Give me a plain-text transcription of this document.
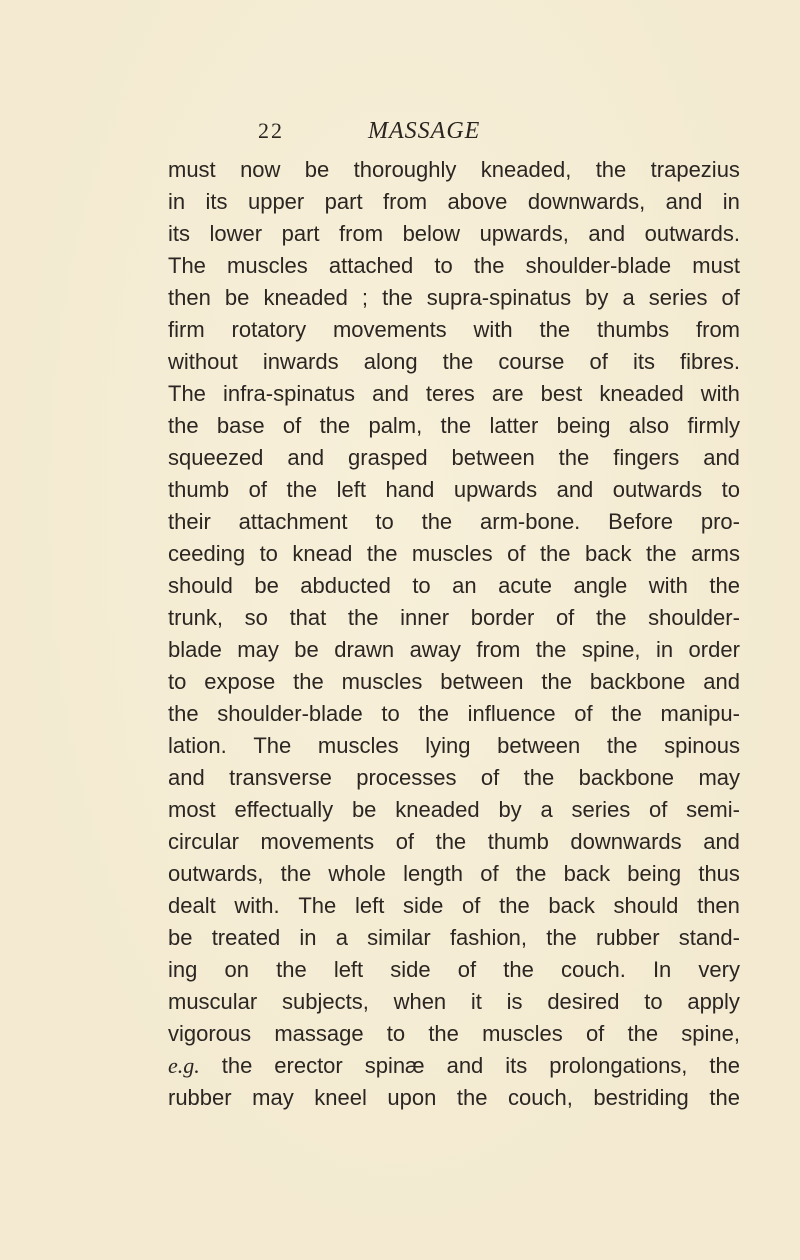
22	MASSAGE
must now be thoroughly kneaded, the trapezius
in its upper part from above downwards, and in
its lower part from below upwards, and outwards.
The muscles attached to the shoulder-blade must
then be kneaded ; the supra-spinatus by a series of
firm rotatory movements with the thumbs from
without inwards along the course of its fibres.
The infra-spinatus and teres are best kneaded with
the base of the palm, the latter being also firmly
squeezed and grasped between the fingers and
thumb of the left hand upwards and outwards to
their attachment to the arm-bone. Before pro-
ceeding to knead the muscles of the back the arms
should be abducted to an acute angle with the
trunk, so that the inner border of the shoulder-
blade may be drawn away from the spine, in order
to expose the muscles between the backbone and
the shoulder-blade to the influence of the manipu-
lation. The muscles lying between the spinous
and transverse processes of the backbone may
most effectually be kneaded by a series of semi-
circular movements of the thumb downwards and
outwards, the whole length of the back being thus
dealt with. The left side of the back should then
be treated in a similar fashion, the rubber stand-
ing on the left side of the couch. In very
muscular subjects, when it is desired to apply
vigorous massage to the muscles of the spine,
e.g. the erector spinæ and its prolongations, the
rubber may kneel upon the couch, bestriding the
